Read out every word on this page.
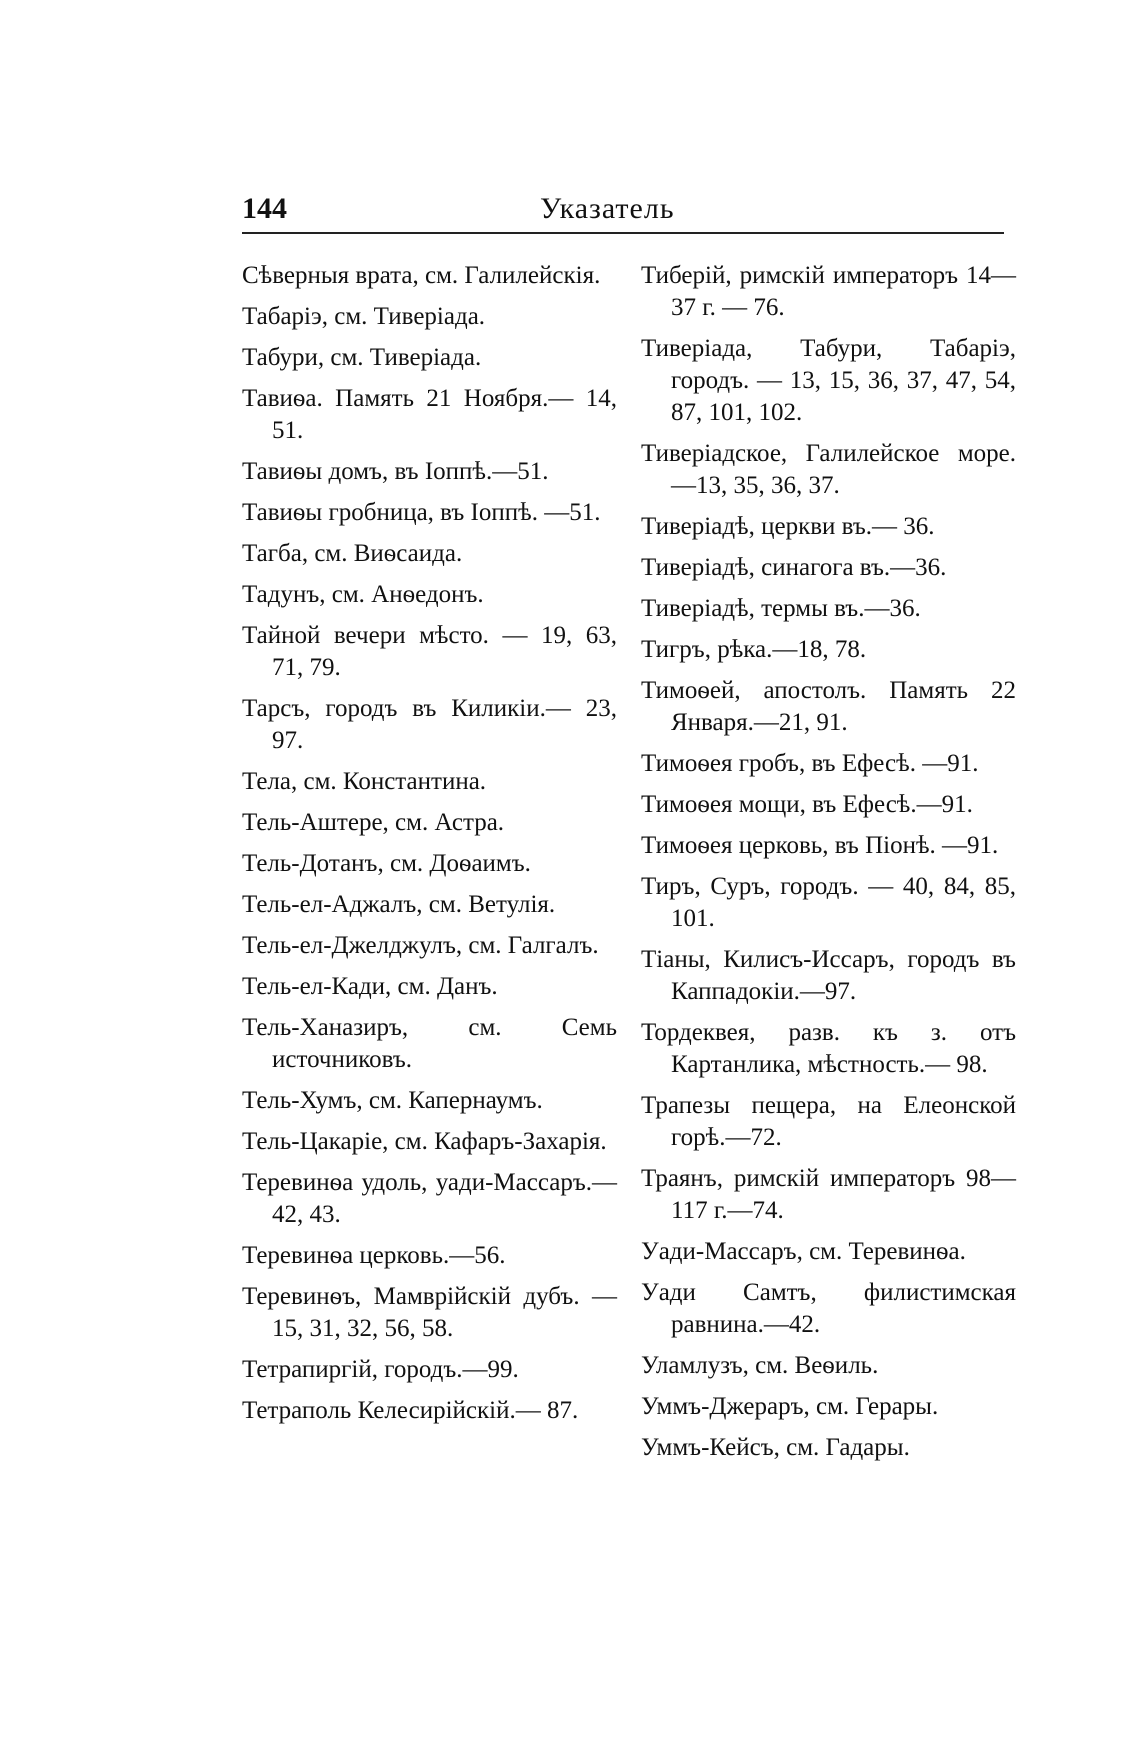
144	Указатель

Сѣверныя врата, см. Галилейскія.

Табаріэ, см. Тивеpiада.

Табури, см. Тивеpiада.

Тавиѳа. Память 21 Ноября.— 14, 51.

Тавиѳы домъ, въ Іоппѣ.—51.

Тавиѳы гробница, въ Іоппѣ. —51.

Тагба, см. Виѳсаида.

Тадунъ, см. Анѳедонъ.

Тайной вечери мѣсто. — 19, 63, 71, 79.

Тарсъ, городъ въ Киликіи.— 23, 97.

Тела, см. Константина.

Тель-Аштере, см. Астра.

Тель-Дотанъ, см. Доѳаимъ.

Тель-ел-Аджалъ, см. Ветулія.

Тель-ел-Джелджулъ, см. Галгалъ.

Тель-ел-Кади, см. Данъ.

Тель-Ханазиръ, см. Семь источниковъ.

Тель-Хумъ, см. Капернаумъ.

Тель-Цакаріе, см. Кафаръ-Захарія.

Теревинѳа удоль, уади-Массаръ.—42, 43.

Теревинѳа церковь.—56.

Теревинѳъ, Мамврійскій дубъ. —15, 31, 32, 56, 58.

Тетрапиргій, городъ.—99.

Тетраполь Келесирійскій.— 87.

Тиберій, римскій императоръ 14—37 г. — 76.

Тиверіада, Табури, Табаріэ, городъ. — 13, 15, 36, 37, 47, 54, 87, 101, 102.

Тиверіадское, Галилейское море.—13, 35, 36, 37.

Тиверіадѣ, церкви въ.— 36.

Тиверіадѣ, синагога въ.—36.

Тиверіадѣ, термы въ.—36.

Тигръ, рѣка.—18, 78.

Тимоѳей, апостолъ. Память 22 Января.—21, 91.

Тимоѳея гробъ, въ Ефесѣ. —91.

Тимоѳея мощи, въ Ефесѣ.—91.

Тимоѳея церковь, въ Піонѣ. —91.

Тиръ, Суръ, городъ. — 40, 84, 85, 101.

Тіаны, Килисъ-Иссаръ, городъ въ Каппадокіи.—97.

Тордеквея, разв. къ з. отъ Картанлика, мѣстность.— 98.

Трапезы пещера, на Елеонской горѣ.—72.

Траянъ, римскій императоръ 98—117 г.—74.

Уади-Массаръ, см. Теревинѳа.

Уади Самтъ, филистимская равнина.—42.

Уламлузъ, см. Веѳиль.

Уммъ-Джераръ, см. Герары.

Уммъ-Кейсъ, см. Гадары.
